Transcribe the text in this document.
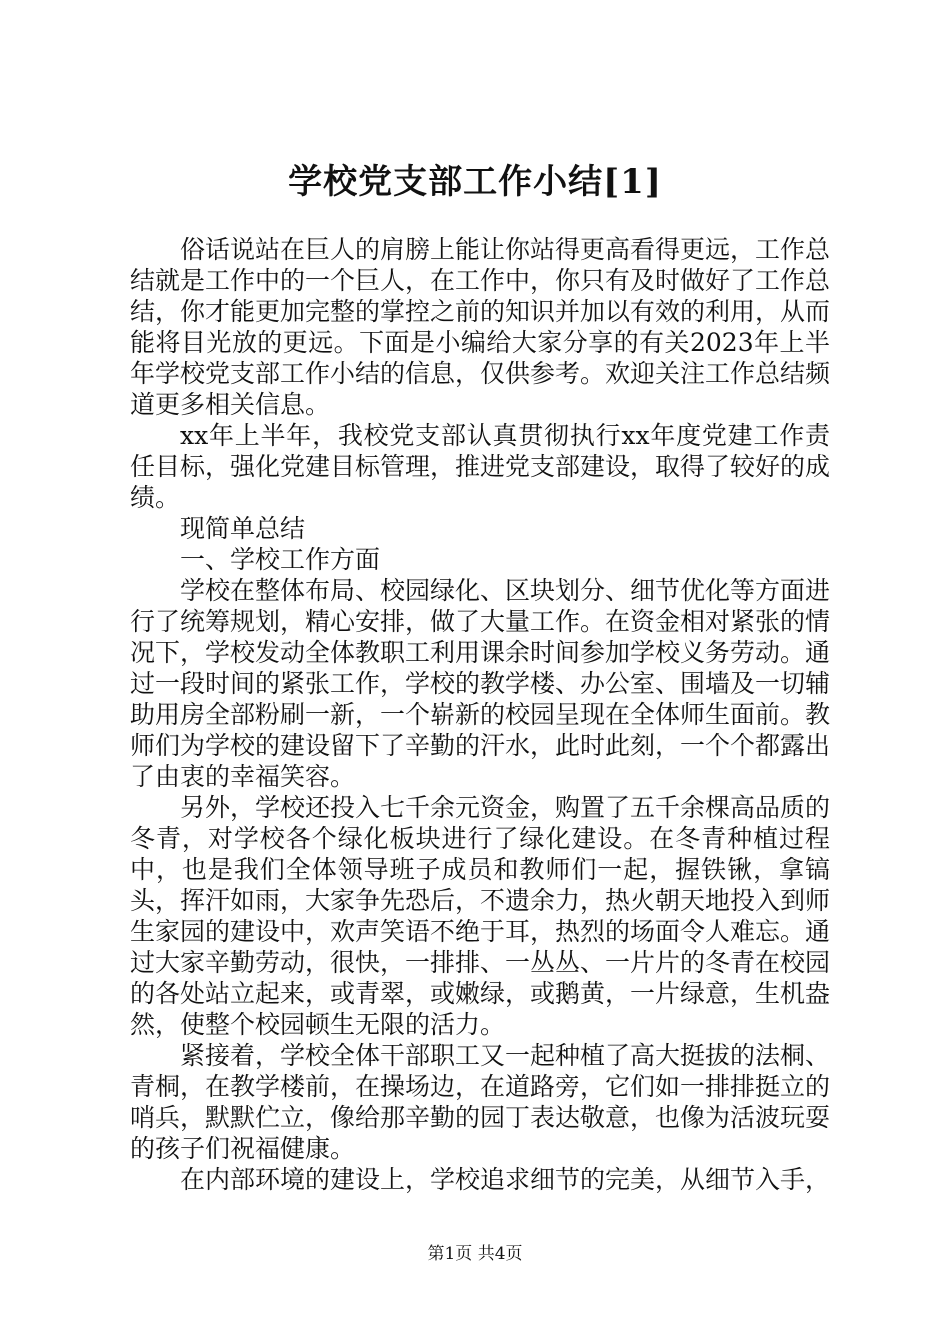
学校党支部工作小结[1]

俗话说站在巨人的肩膀上能让你站得更高看得更远，工作总结就是工作中的一个巨人，在工作中，你只有及时做好了工作总结，你才能更加完整的掌控之前的知识并加以有效的利用，从而能将目光放的更远。下面是小编给大家分享的有关2023年上半年学校党支部工作小结的信息，仅供参考。欢迎关注工作总结频道更多相关信息。

xx年上半年，我校党支部认真贯彻执行xx年度党建工作责任目标，强化党建目标管理，推进党支部建设，取得了较好的成绩。

现简单总结

一、学校工作方面

学校在整体布局、校园绿化、区块划分、细节优化等方面进行了统筹规划，精心安排，做了大量工作。在资金相对紧张的情况下，学校发动全体教职工利用课余时间参加学校义务劳动。通过一段时间的紧张工作，学校的教学楼、办公室、围墙及一切辅助用房全部粉刷一新，一个崭新的校园呈现在全体师生面前。教师们为学校的建设留下了辛勤的汗水，此时此刻，一个个都露出了由衷的幸福笑容。

另外，学校还投入七千余元资金，购置了五千余棵高品质的冬青，对学校各个绿化板块进行了绿化建设。在冬青种植过程中，也是我们全体领导班子成员和教师们一起，握铁锹，拿镐头，挥汗如雨，大家争先恐后，不遗余力，热火朝天地投入到师生家园的建设中，欢声笑语不绝于耳，热烈的场面令人难忘。通过大家辛勤劳动，很快，一排排、一丛丛、一片片的冬青在校园的各处站立起来，或青翠，或嫩绿，或鹅黄，一片绿意，生机盎然，使整个校园顿生无限的活力。

紧接着，学校全体干部职工又一起种植了高大挺拔的法桐、青桐，在教学楼前，在操场边，在道路旁，它们如一排排挺立的哨兵，默默伫立，像给那辛勤的园丁表达敬意，也像为活波玩耍的孩子们祝福健康。

在内部环境的建设上，学校追求细节的完美，从细节入手，

第1页 共4页
